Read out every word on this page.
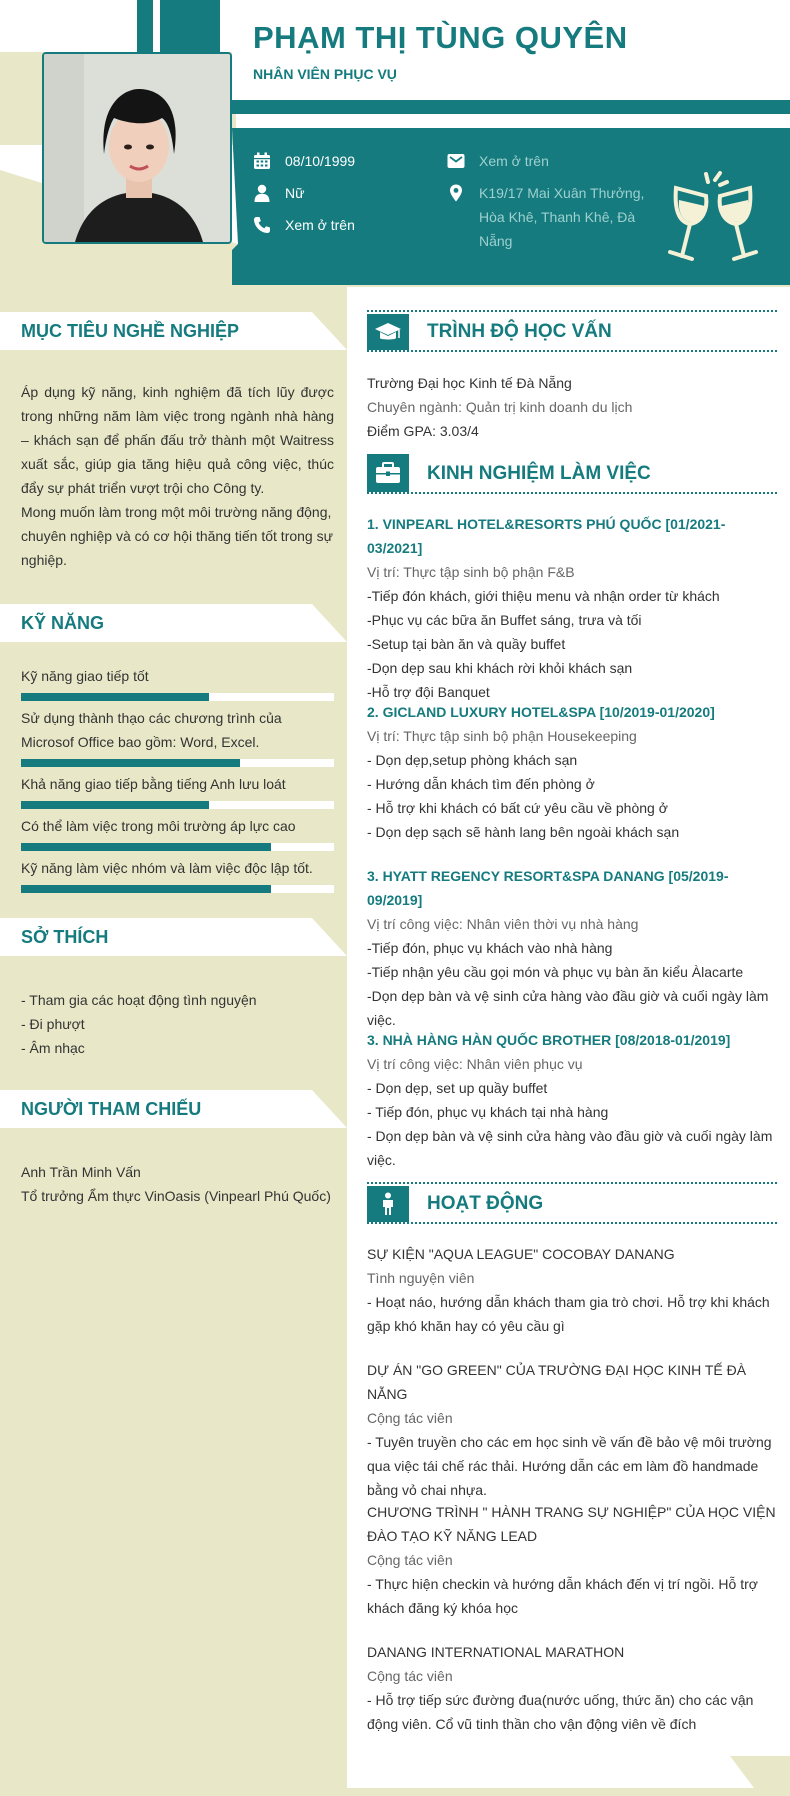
PHẠM THỊ TÙNG QUYÊN
NHÂN VIÊN PHỤC VỤ
08/10/1999
Nữ
Xem ở trên
Xem ở trên
K19/17 Mai Xuân Thưởng, Hòa Khê, Thanh Khê, Đà Nẵng
MỤC TIÊU NGHỀ NGHIỆP
Áp dụng kỹ năng, kinh nghiệm đã tích lũy được trong những năm làm việc trong ngành nhà hàng – khách sạn để phấn đấu trở thành một Waitress xuất sắc, giúp gia tăng hiệu quả công việc, thúc đẩy sự phát triển vượt trội cho Công ty.
Mong muốn làm trong một môi trường năng động, chuyên nghiệp và có cơ hội thăng tiến tốt trong sự nghiệp.
KỸ NĂNG
Kỹ năng giao tiếp tốt
Sử dụng thành thạo các chương trình của Microsof Office bao gồm: Word, Excel.
Khả năng giao tiếp bằng tiếng Anh lưu loát
Có thể làm việc trong môi trường áp lực cao
Kỹ năng làm việc nhóm và làm việc độc lập tốt.
SỞ THÍCH
- Tham gia các hoạt động tình nguyện
- Đi phượt
- Âm nhạc
NGƯỜI THAM CHIẾU
Anh Trần Minh Vấn
Tổ trưởng Ẩm thực VinOasis (Vinpearl Phú Quốc)
TRÌNH ĐỘ HỌC VẤN
Trường Đại học Kinh tế Đà Nẵng
Chuyên ngành: Quản trị kinh doanh du lịch
Điểm GPA: 3.03/4
KINH NGHIỆM LÀM VIỆC
1. VINPEARL HOTEL&RESORTS PHÚ QUỐC [01/2021-03/2021]
Vị trí: Thực tập sinh bộ phận F&B
-Tiếp đón khách, giới thiệu menu và nhận order từ khách
-Phục vụ các bữa ăn Buffet sáng, trưa và tối
-Setup tại bàn ăn và quầy buffet
-Dọn dẹp sau khi khách rời khỏi khách sạn
-Hỗ trợ đội Banquet
2. GICLAND LUXURY HOTEL&SPA [10/2019-01/2020]
Vị trí: Thực tập sinh bộ phận Housekeeping
- Dọn dẹp,setup phòng khách sạn
- Hướng dẫn khách tìm đến phòng ở
- Hỗ trợ khi khách có bất cứ yêu cầu về phòng ở
- Dọn dẹp sạch sẽ hành lang bên ngoài khách sạn
3. HYATT REGENCY RESORT&SPA DANANG [05/2019-09/2019]
Vị trí công việc: Nhân viên thời vụ nhà hàng
-Tiếp đón, phục vụ khách vào nhà hàng
-Tiếp nhận yêu cầu gọi món và phục vụ bàn ăn kiểu Àlacarte
-Dọn dẹp bàn và vệ sinh cửa hàng vào đầu giờ và cuối ngày làm việc.
3. NHÀ HÀNG HÀN QUỐC BROTHER [08/2018-01/2019]
Vị trí công việc: Nhân viên phục vụ
- Dọn dẹp, set up quầy buffet
- Tiếp đón, phục vụ khách tại nhà hàng
- Dọn dẹp bàn và vệ sinh cửa hàng vào đầu giờ và cuối ngày làm việc.
HOẠT ĐỘNG
SỰ KIỆN "AQUA LEAGUE" COCOBAY DANANG
Tình nguyện viên
- Hoạt náo, hướng dẫn khách tham gia trò chơi. Hỗ trợ khi khách gặp khó khăn hay có yêu cầu gì
DỰ ÁN "GO GREEN" CỦA TRƯỜNG ĐẠI HỌC KINH TẾ ĐÀ NẴNG
Cộng tác viên
- Tuyên truyền cho các em học sinh về vấn đề bảo vệ môi trường qua việc tái chế rác thải. Hướng dẫn các em làm đồ handmade bằng vỏ chai nhựa.
CHƯƠNG TRÌNH " HÀNH TRANG SỰ NGHIỆP" CỦA HỌC VIỆN ĐÀO TẠO KỸ NĂNG LEAD
Cộng tác viên
- Thực hiện checkin và hướng dẫn khách đến vị trí ngồi. Hỗ trợ khách đăng ký khóa học
DANANG INTERNATIONAL MARATHON
Cộng tác viên
- Hỗ trợ tiếp sức đường đua(nước uống, thức ăn) cho các vận động viên. Cổ vũ tinh thần cho vận động viên về đích
